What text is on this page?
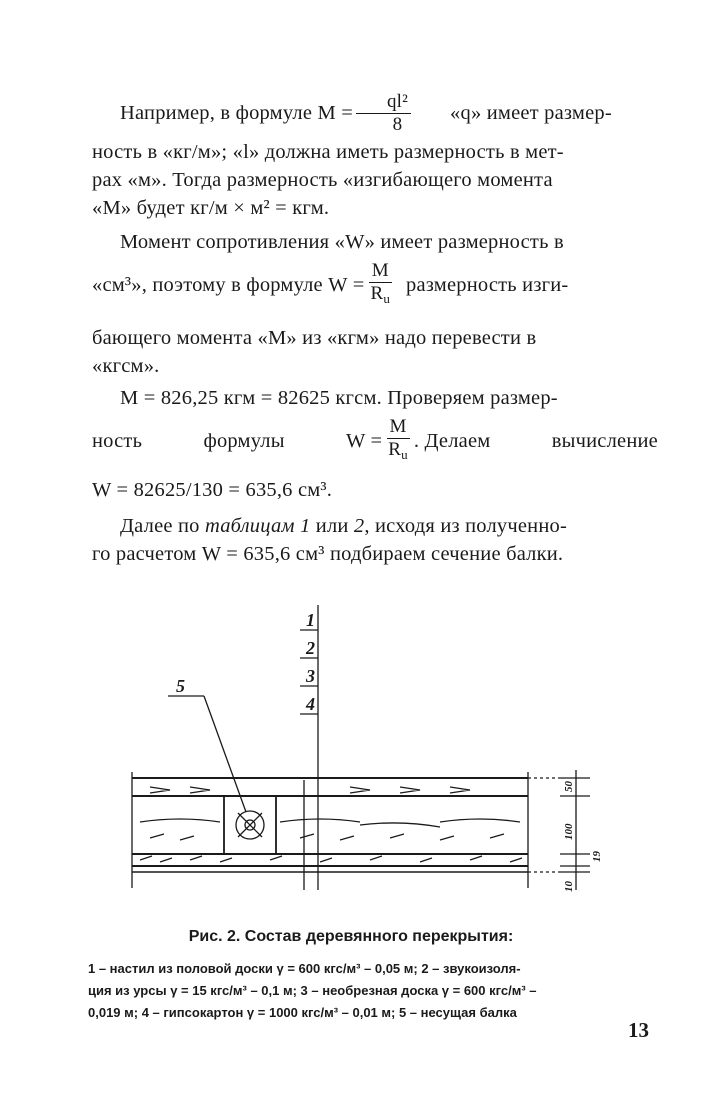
Например, в формуле $M = \frac{\text{ql²}}{8}$	«q» имеет размер-
ность в «кг/м»; «l» должна иметь размерность в мет-
рах «м». Тогда размерность «изгибающего момента
«М» будет кг/м × м² = кгм.
Момент сопротивления «W» имеет размерность в
«см³», поэтому в формуле $W = \frac{M}{R_u}$ размерность изги-
бающего момента «М» из «кгм» надо перевести в
«кгсм».
M = 826,25 кгм = 82625 кгсм. Проверяем размер-
ность	формулы	$W = \frac{M}{R_u}$ . Делаем	вычисление
W = 82625/130 = 635,6 см³.
Далее по таблицам 1 или 2, исходя из полученно-
го расчетом W = 635,6 см³ подбираем сечение балки.
1
2
3
4
5
50
100
19
10
Рис. 2. Состав деревянного перекрытия:
1 – настил из половой доски γ = 600 кгс/м³ – 0,05 м; 2 – звукоизоля-
ция из урсы γ = 15 кгс/м³ – 0,1 м; 3 – необрезная доска γ = 600 кгс/м³ –
0,019 м; 4 – гипсокартон γ = 1000 кгс/м³ – 0,01 м; 5 – несущая балка
13
